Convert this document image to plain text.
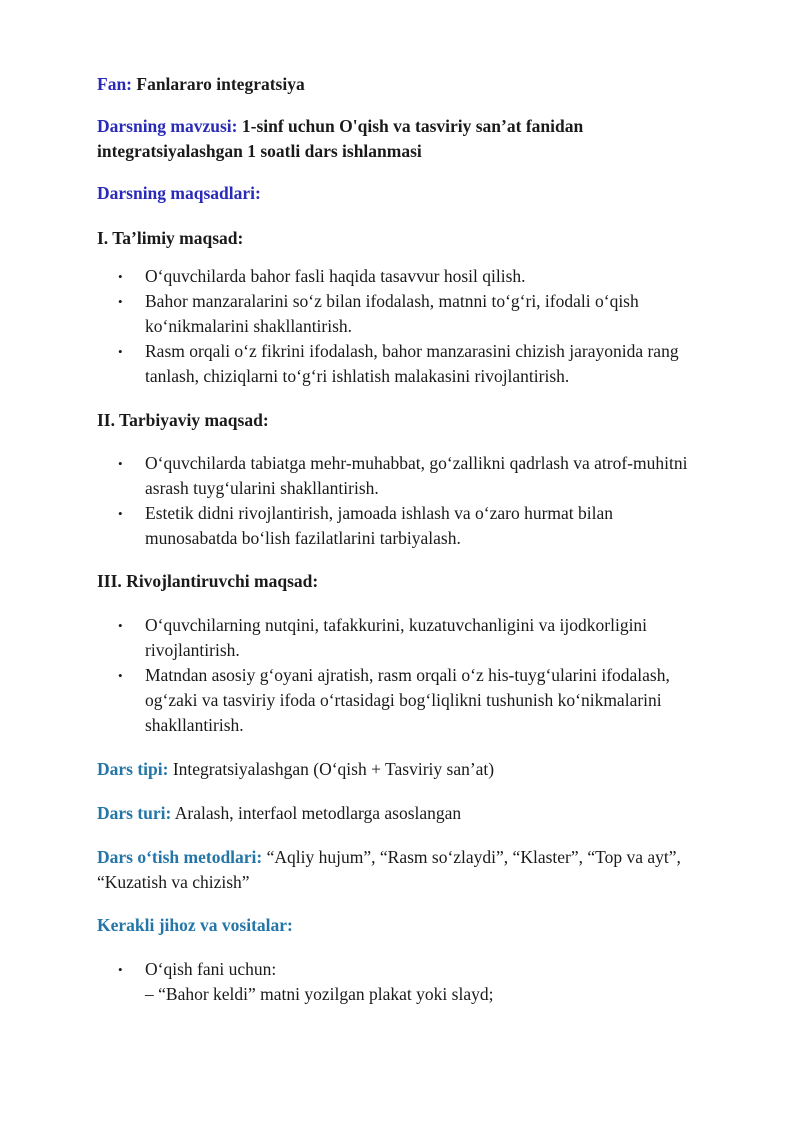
Fan: Fanlararo integratsiya
Darsning mavzusi: 1-sinf uchun O'qish va tasviriy san’at fanidan
integratsiyalashgan 1 soatli dars ishlanmasi
Darsning maqsadlari:
I. Ta’limiy maqsad:
• O‘quvchilarda bahor fasli haqida tasavvur hosil qilish.
• Bahor manzaralarini so‘z bilan ifodalash, matnni to‘g‘ri, ifodali o‘qish
ko‘nikmalarini shakllantirish.
• Rasm orqali o‘z fikrini ifodalash, bahor manzarasini chizish jarayonida rang
tanlash, chiziqlarni to‘g‘ri ishlatish malakasini rivojlantirish.
II. Tarbiyaviy maqsad:
• O‘quvchilarda tabiatga mehr-muhabbat, go‘zallikni qadrlash va atrof-muhitni
asrash tuyg‘ularini shakllantirish.
• Estetik didni rivojlantirish, jamoada ishlash va o‘zaro hurmat bilan
munosabatda bo‘lish fazilatlarini tarbiyalash.
III. Rivojlantiruvchi maqsad:
• O‘quvchilarning nutqini, tafakkurini, kuzatuvchanligini va ijodkorligini
rivojlantirish.
• Matndan asosiy g‘oyani ajratish, rasm orqali o‘z his-tuyg‘ularini ifodalash,
og‘zaki va tasviriy ifoda o‘rtasidagi bog‘liqlikni tushunish ko‘nikmalarini
shakllantirish.
Dars tipi: Integratsiyalashgan (O‘qish + Tasviriy san’at)
Dars turi: Aralash, interfaol metodlarga asoslangan
Dars o‘tish metodlari: “Aqliy hujum”, “Rasm so‘zlaydi”, “Klaster”, “Top va ayt”,
“Kuzatish va chizish”
Kerakli jihoz va vositalar:
• O‘qish fani uchun:
– “Bahor keldi” matni yozilgan plakat yoki slayd;
